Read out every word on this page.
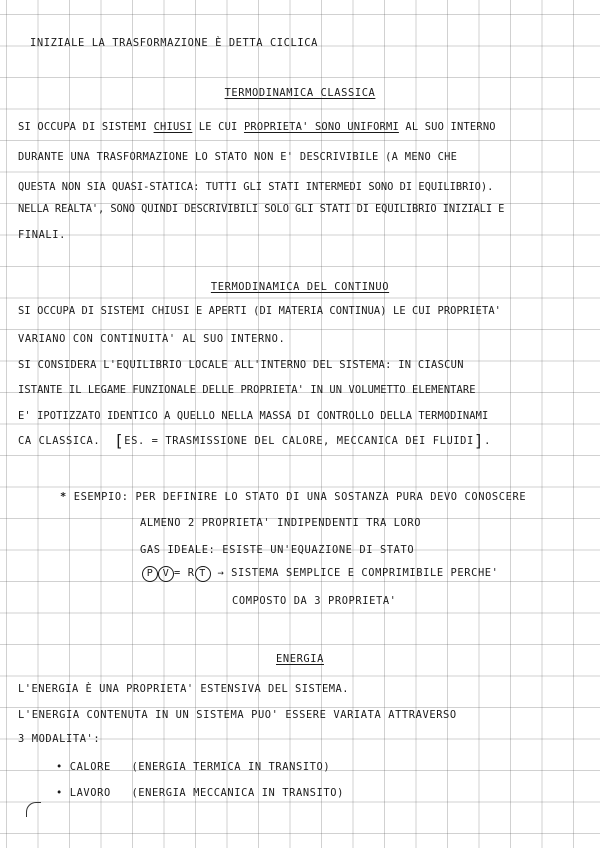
INIZIALE LA TRASFORMAZIONE È DETTA CICLICA
TERMODINAMICA CLASSICA
SI OCCUPA DI SISTEMI CHIUSI LE CUI PROPRIETA' SONO UNIFORMI AL SUO INTERNO
DURANTE UNA TRASFORMAZIONE LO STATO NON E' DESCRIVIBILE (A MENO CHE
QUESTA NON SIA QUASI-STATICA: TUTTI GLI STATI INTERMEDI SONO DI EQUILIBRIO).
NELLA REALTA', SONO QUINDI DESCRIVIBILI SOLO GLI STATI DI EQUILIBRIO INIZIALI E
FINALI.
TERMODINAMICA DEL CONTINUO
SI OCCUPA DI SISTEMI CHIUSI E APERTI (DI MATERIA CONTINUA) LE CUI PROPRIETA'
VARIANO CON CONTINUITA' AL SUO INTERNO.
SI CONSIDERA L'EQUILIBRIO LOCALE ALL'INTERNO DEL SISTEMA: IN CIASCUN
ISTANTE IL LEGAME FUNZIONALE DELLE PROPRIETA' IN UN VOLUMETTO ELEMENTARE
E' IPOTIZZATO IDENTICO A QUELLO NELLA MASSA DI CONTROLLO DELLA TERMODINAMI
CA CLASSICA. [ES. = TRASMISSIONE DEL CALORE, MECCANICA DEI FLUIDI].
* ESEMPIO: PER DEFINIRE LO STATO DI UNA SOSTANZA PURA DEVO CONOSCERE
ALMENO 2 PROPRIETA' INDIPENDENTI TRA LORO
GAS IDEALE: ESISTE UN'EQUAZIONE DI STATO
P V = R T → SISTEMA SEMPLICE E COMPRIMIBILE PERCHE'
COMPOSTO DA 3 PROPRIETA'
ENERGIA
L'ENERGIA È UNA PROPRIETA' ESTENSIVA DEL SISTEMA.
L'ENERGIA CONTENUTA IN UN SISTEMA PUO' ESSERE VARIATA ATTRAVERSO
3 MODALITA':
• CALORE (ENERGIA TERMICA IN TRANSITO)
• LAVORO (ENERGIA MECCANICA IN TRANSITO)
